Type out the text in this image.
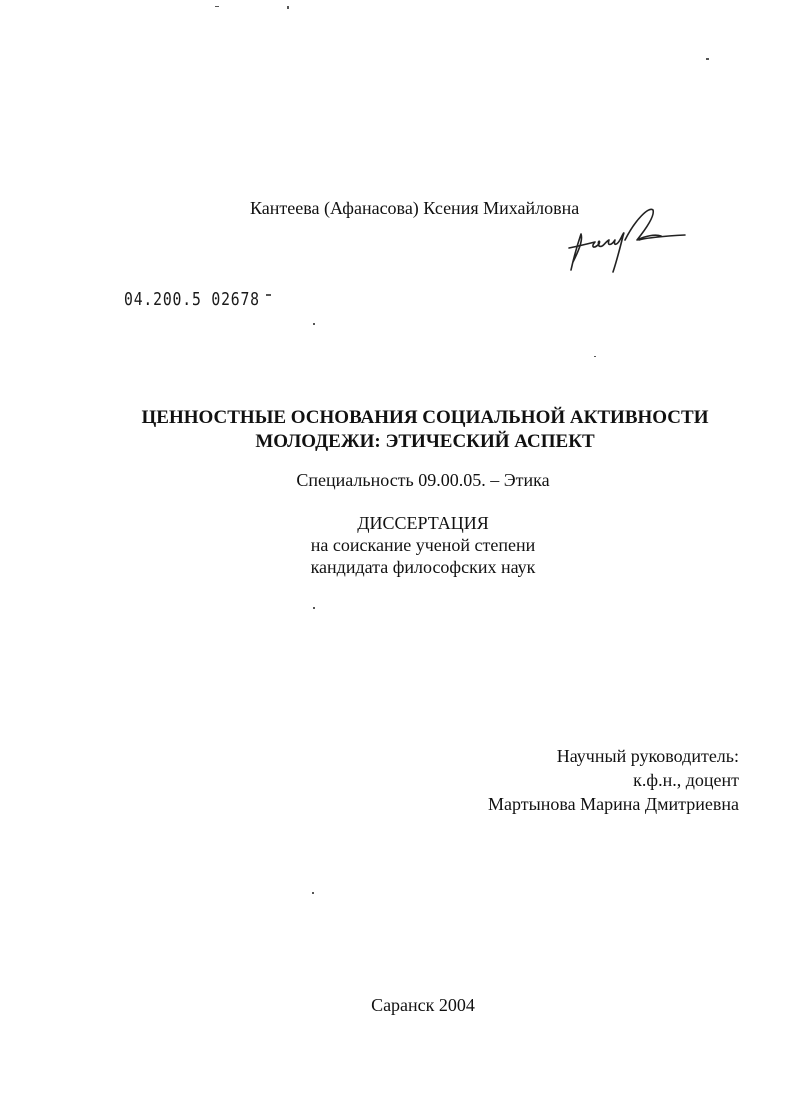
Кантеева (Афанасова) Ксения Михайловна
04.200.5 02678
ЦЕННОСТНЫЕ ОСНОВАНИЯ СОЦИАЛЬНОЙ АКТИВНОСТИ
МОЛОДЕЖИ: ЭТИЧЕСКИЙ АСПЕКТ
Специальность 09.00.05. – Этика
ДИССЕРТАЦИЯ
на соискание ученой степени
кандидата философских наук
Научный руководитель:
к.ф.н., доцент
Мартынова Марина Дмитриевна
Саранск 2004
